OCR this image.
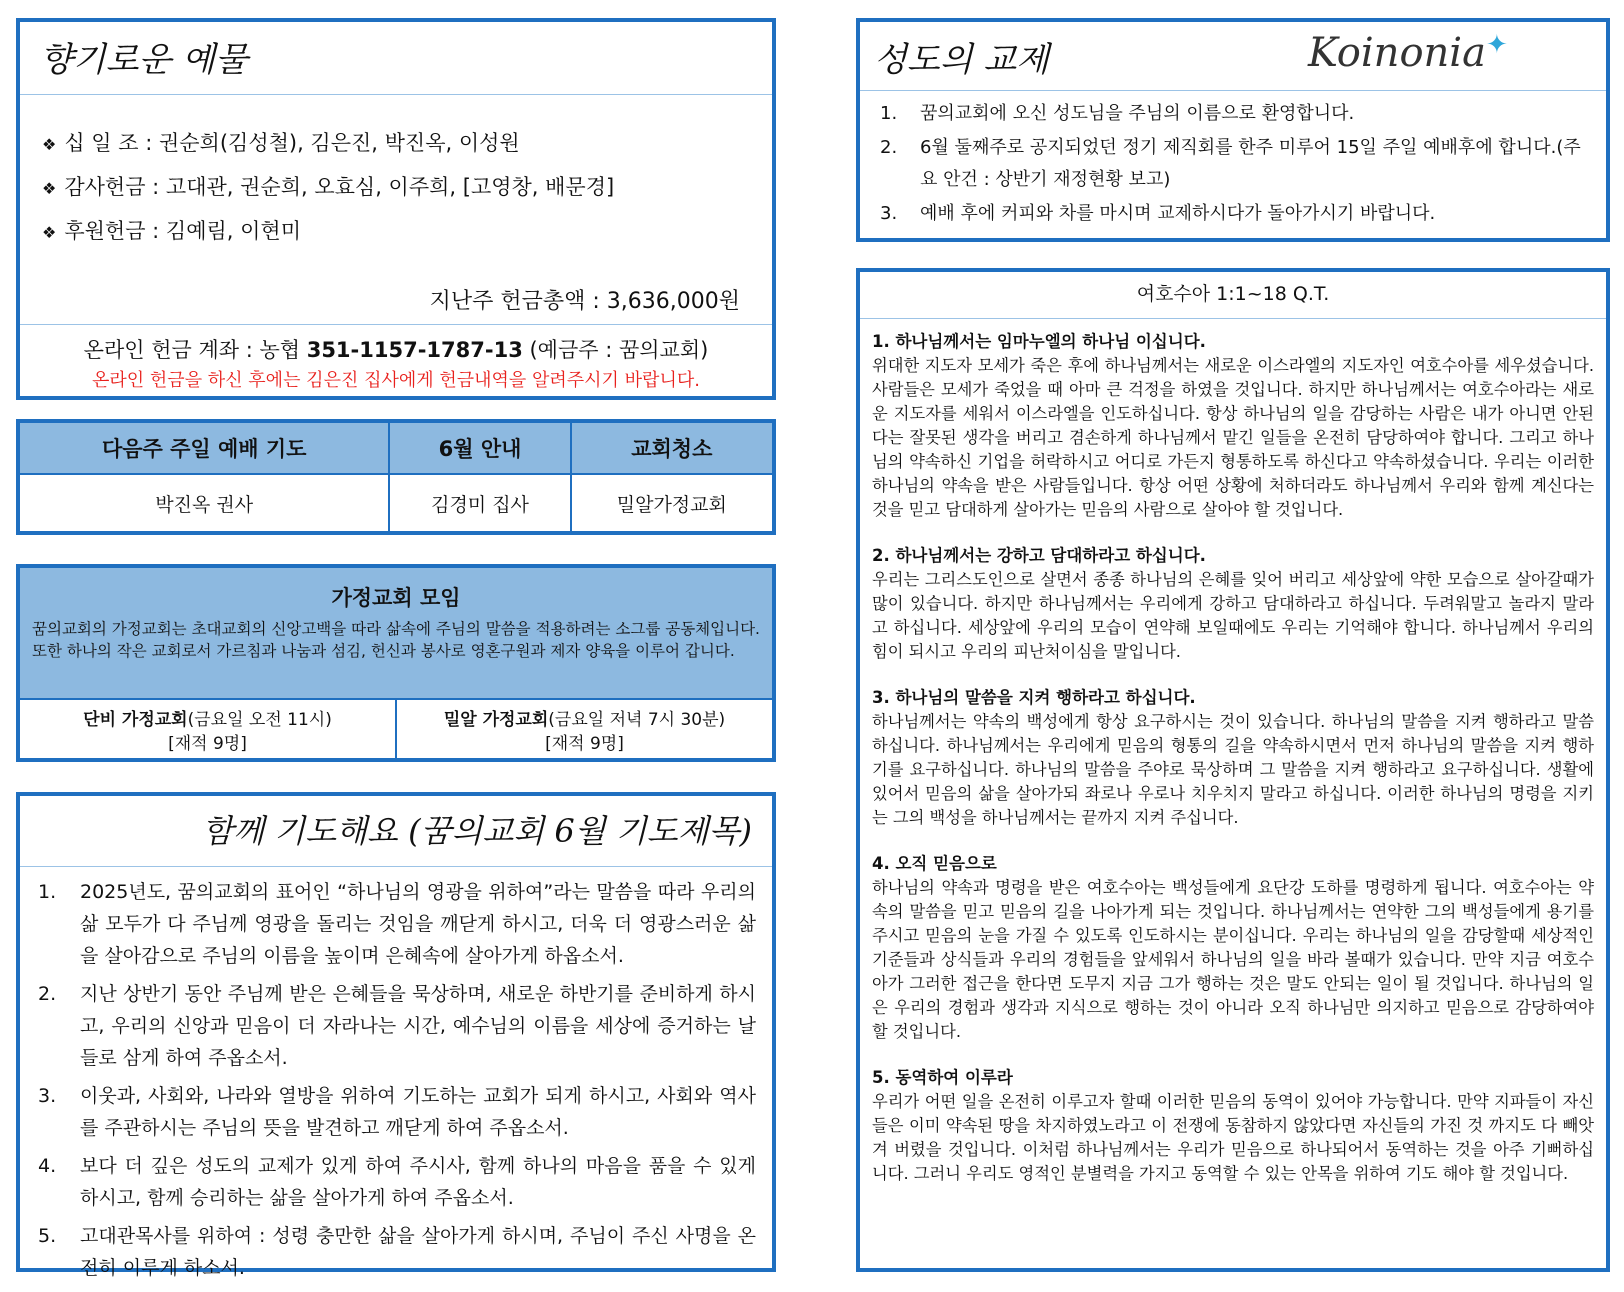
향기로운 예물
❖ 십 일 조 : 권순희(김성철), 김은진, 박진옥, 이성원
❖ 감사헌금 : 고대관, 권순희, 오효심, 이주희, [고영창, 배문경]
❖ 후원헌금 : 김예림, 이현미
지난주 헌금총액 : 3,636,000원
온라인 헌금 계좌 : 농협 351-1157-1787-13 (예금주 : 꿈의교회)
온라인 헌금을 하신 후에는 김은진 집사에게 헌금내역을 알려주시기 바랍니다.
다음주 주일 예배 기도	6월 안내	교회청소
박진옥 권사	김경미 집사	밀알가정교회
가정교회 모임

꿈의교회의 가정교회는 초대교회의 신앙고백을 따라 삶속에 주님의 말씀을 적용하려는 소그룹 공동체입니다. 또한 하나의 작은 교회로서 가르침과 나눔과 섬김, 헌신과 봉사로 영혼구원과 제자 양육을 이루어 갑니다.

단비 가정교회(금요일 오전 11시)
[재적 9명]
밀알 가정교회(금요일 저녁 7시 30분)
[재적 9명]
함께 기도해요 (꿈의교회 6월 기도제목)
1.	2025년도, 꿈의교회의 표어인 “하나님의 영광을 위하여”라는 말씀을 따라 우리의 삶 모두가 다 주님께 영광을 돌리는 것임을 깨닫게 하시고, 더욱 더 영광스러운 삶을 살아감으로 주님의 이름을 높이며 은혜속에 살아가게 하옵소서.
2.	지난 상반기 동안 주님께 받은 은혜들을 묵상하며, 새로운 하반기를 준비하게 하시고, 우리의 신앙과 믿음이 더 자라나는 시간, 예수님의 이름을 세상에 증거하는 날들로 삼게 하여 주옵소서.
3.	이웃과, 사회와, 나라와 열방을 위하여 기도하는 교회가 되게 하시고, 사회와 역사를 주관하시는 주님의 뜻을 발견하고 깨닫게 하여 주옵소서.
4.	보다 더 깊은 성도의 교제가 있게 하여 주시사, 함께 하나의 마음을 품을 수 있게 하시고, 함께 승리하는 삶을 살아가게 하여 주옵소서.
5.	고대관목사를 위하여 : 성령 충만한 삶을 살아가게 하시며, 주님이 주신 사명을 온전히 이루게 하소서.
성도의 교제	Koinonia✦
1.	꿈의교회에 오신 성도님을 주님의 이름으로 환영합니다.
2.	6월 둘째주로 공지되었던 정기 제직회를 한주 미루어 15일 주일 예배후에 합니다.(주요 안건 : 상반기 재정현황 보고)
3.	예배 후에 커피와 차를 마시며 교제하시다가 돌아가시기 바랍니다.
여호수아 1:1~18 Q.T.
1. 하나님께서는 임마누엘의 하나님 이십니다.

위대한 지도자 모세가 죽은 후에 하나님께서는 새로운 이스라엘의 지도자인 여호수아를 세우셨습니다. 사람들은 모세가 죽었을 때 아마 큰 걱정을 하였을 것입니다. 하지만 하나님께서는 여호수아라는 새로운 지도자를 세워서 이스라엘을 인도하십니다. 항상 하나님의 일을 감당하는 사람은 내가 아니면 안된다는 잘못된 생각을 버리고 겸손하게 하나님께서 맡긴 일들을 온전히 담당하여야 합니다. 그리고 하나님의 약속하신 기업을 허락하시고 어디로 가든지 형통하도록 하신다고 약속하셨습니다. 우리는 이러한 하나님의 약속을 받은 사람들입니다. 항상 어떤 상황에 처하더라도 하나님께서 우리와 함께 계신다는 것을 믿고 담대하게 살아가는 믿음의 사람으로 살아야 할 것입니다.

2. 하나님께서는 강하고 담대하라고 하십니다.

우리는 그리스도인으로 살면서 종종 하나님의 은혜를 잊어 버리고 세상앞에 약한 모습으로 살아갈때가 많이 있습니다. 하지만 하나님께서는 우리에게 강하고 담대하라고 하십니다. 두려워말고 놀라지 말라고 하십니다. 세상앞에 우리의 모습이 연약해 보일때에도 우리는 기억해야 합니다. 하나님께서 우리의 힘이 되시고 우리의 피난처이심을 말입니다.

3. 하나님의 말씀을 지켜 행하라고 하십니다.

하나님께서는 약속의 백성에게 항상 요구하시는 것이 있습니다. 하나님의 말씀을 지켜 행하라고 말씀하십니다. 하나님께서는 우리에게 믿음의 형통의 길을 약속하시면서 먼저 하나님의 말씀을 지켜 행하기를 요구하십니다. 하나님의 말씀을 주야로 묵상하며 그 말씀을 지켜 행하라고 요구하십니다. 생활에 있어서 믿음의 삶을 살아가되 좌로나 우로나 치우치지 말라고 하십니다. 이러한 하나님의 명령을 지키는 그의 백성을 하나님께서는 끝까지 지켜 주십니다.

4. 오직 믿음으로

하나님의 약속과 명령을 받은 여호수아는 백성들에게 요단강 도하를 명령하게 됩니다. 여호수아는 약속의 말씀을 믿고 믿음의 길을 나아가게 되는 것입니다. 하나님께서는 연약한 그의 백성들에게 용기를 주시고 믿음의 눈을 가질 수 있도록 인도하시는 분이십니다. 우리는 하나님의 일을 감당할때 세상적인 기준들과 상식들과 우리의 경험들을 앞세워서 하나님의 일을 바라 볼때가 있습니다. 만약 지금 여호수아가 그러한 접근을 한다면 도무지 지금 그가 행하는 것은 말도 안되는 일이 될 것입니다. 하나님의 일은 우리의 경험과 생각과 지식으로 행하는 것이 아니라 오직 하나님만 의지하고 믿음으로 감당하여야 할 것입니다.

5. 동역하여 이루라

우리가 어떤 일을 온전히 이루고자 할때 이러한 믿음의 동역이 있어야 가능합니다. 만약 지파들이 자신들은 이미 약속된 땅을 차지하였노라고 이 전쟁에 동참하지 않았다면 자신들의 가진 것 까지도 다 빼앗겨 버렸을 것입니다. 이처럼 하나님께서는 우리가 믿음으로 하나되어서 동역하는 것을 아주 기뻐하십니다. 그러니 우리도 영적인 분별력을 가지고 동역할 수 있는 안목을 위하여 기도 해야 할 것입니다.
